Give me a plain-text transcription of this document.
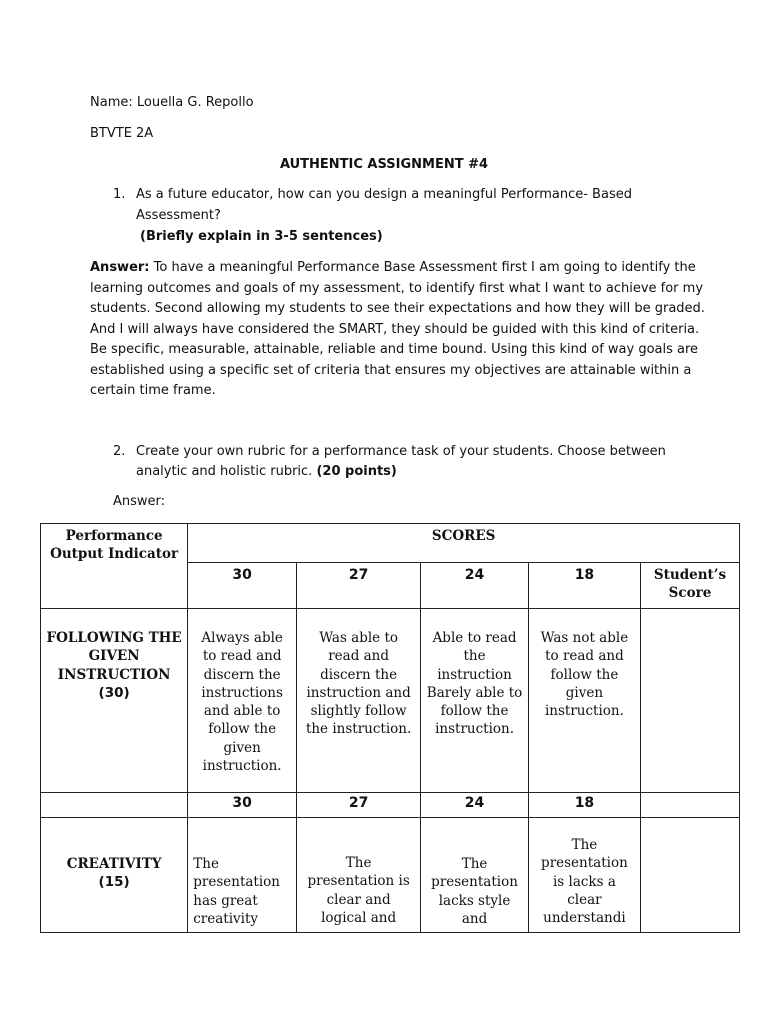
Name: Louella G. Repollo
BTVTE 2A
AUTHENTIC ASSIGNMENT #4
1. As a future educator, how can you design a meaningful Performance- Based
Assessment?
(Briefly explain in 3-5 sentences)
Answer: To have a meaningful Performance Base Assessment first I am going to identify the
learning outcomes and goals of my assessment, to identify first what I want to achieve for my
students. Second allowing my students to see their expectations and how they will be graded.
And I will always have considered the SMART, they should be guided with this kind of criteria.
Be specific, measurable, attainable, reliable and time bound. Using this kind of way goals are
established using a specific set of criteria that ensures my objectives are attainable within a
certain time frame.
2. Create your own rubric for a performance task of your students. Choose between
analytic and holistic rubric. (20 points)
Answer:
Performance Output Indicator	SCORES				
	30	27	24	18	Student’s Score

FOLLOWING THE GIVEN INSTRUCTION
(30)	Always able to read and discern the instructions and able to follow the given instruction.	Was able to read and discern the instruction and slightly follow the instruction.	Able to read the instruction Barely able to follow the instruction.	Was not able to read and follow the given instruction.	
	30	27	24	18	

CREATIVITY
(15)	The presentation has great creativity	The presentation is clear and logical and	The presentation lacks style and	The presentation is lacks a clear understandi	
